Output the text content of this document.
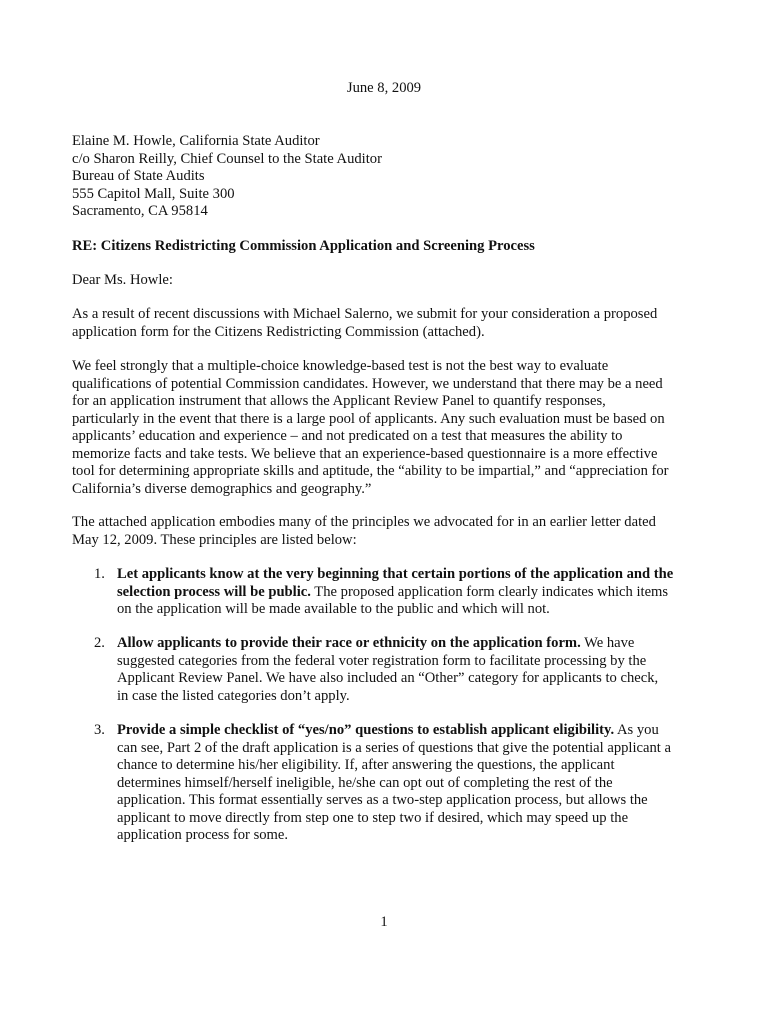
June 8, 2009
Elaine M. Howle, California State Auditor
c/o Sharon Reilly, Chief Counsel to the State Auditor
Bureau of State Audits
555 Capitol Mall, Suite 300
Sacramento, CA 95814
RE: Citizens Redistricting Commission Application and Screening Process
Dear Ms. Howle:
As a result of recent discussions with Michael Salerno, we submit for your consideration a proposed
application form for the Citizens Redistricting Commission (attached).
We feel strongly that a multiple-choice knowledge-based test is not the best way to evaluate
qualifications of potential Commission candidates. However, we understand that there may be a need
for an application instrument that allows the Applicant Review Panel to quantify responses,
particularly in the event that there is a large pool of applicants. Any such evaluation must be based on
applicants’ education and experience – and not predicated on a test that measures the ability to
memorize facts and take tests. We believe that an experience-based questionnaire is a more effective
tool for determining appropriate skills and aptitude, the “ability to be impartial,” and “appreciation for
California’s diverse demographics and geography.”
The attached application embodies many of the principles we advocated for in an earlier letter dated
May 12, 2009. These principles are listed below:
1. Let applicants know at the very beginning that certain portions of the application and the
selection process will be public. The proposed application form clearly indicates which items
on the application will be made available to the public and which will not.
2. Allow applicants to provide their race or ethnicity on the application form. We have
suggested categories from the federal voter registration form to facilitate processing by the
Applicant Review Panel. We have also included an “Other” category for applicants to check,
in case the listed categories don’t apply.
3. Provide a simple checklist of “yes/no” questions to establish applicant eligibility. As you
can see, Part 2 of the draft application is a series of questions that give the potential applicant a
chance to determine his/her eligibility. If, after answering the questions, the applicant
determines himself/herself ineligible, he/she can opt out of completing the rest of the
application. This format essentially serves as a two-step application process, but allows the
applicant to move directly from step one to step two if desired, which may speed up the
application process for some.
1
